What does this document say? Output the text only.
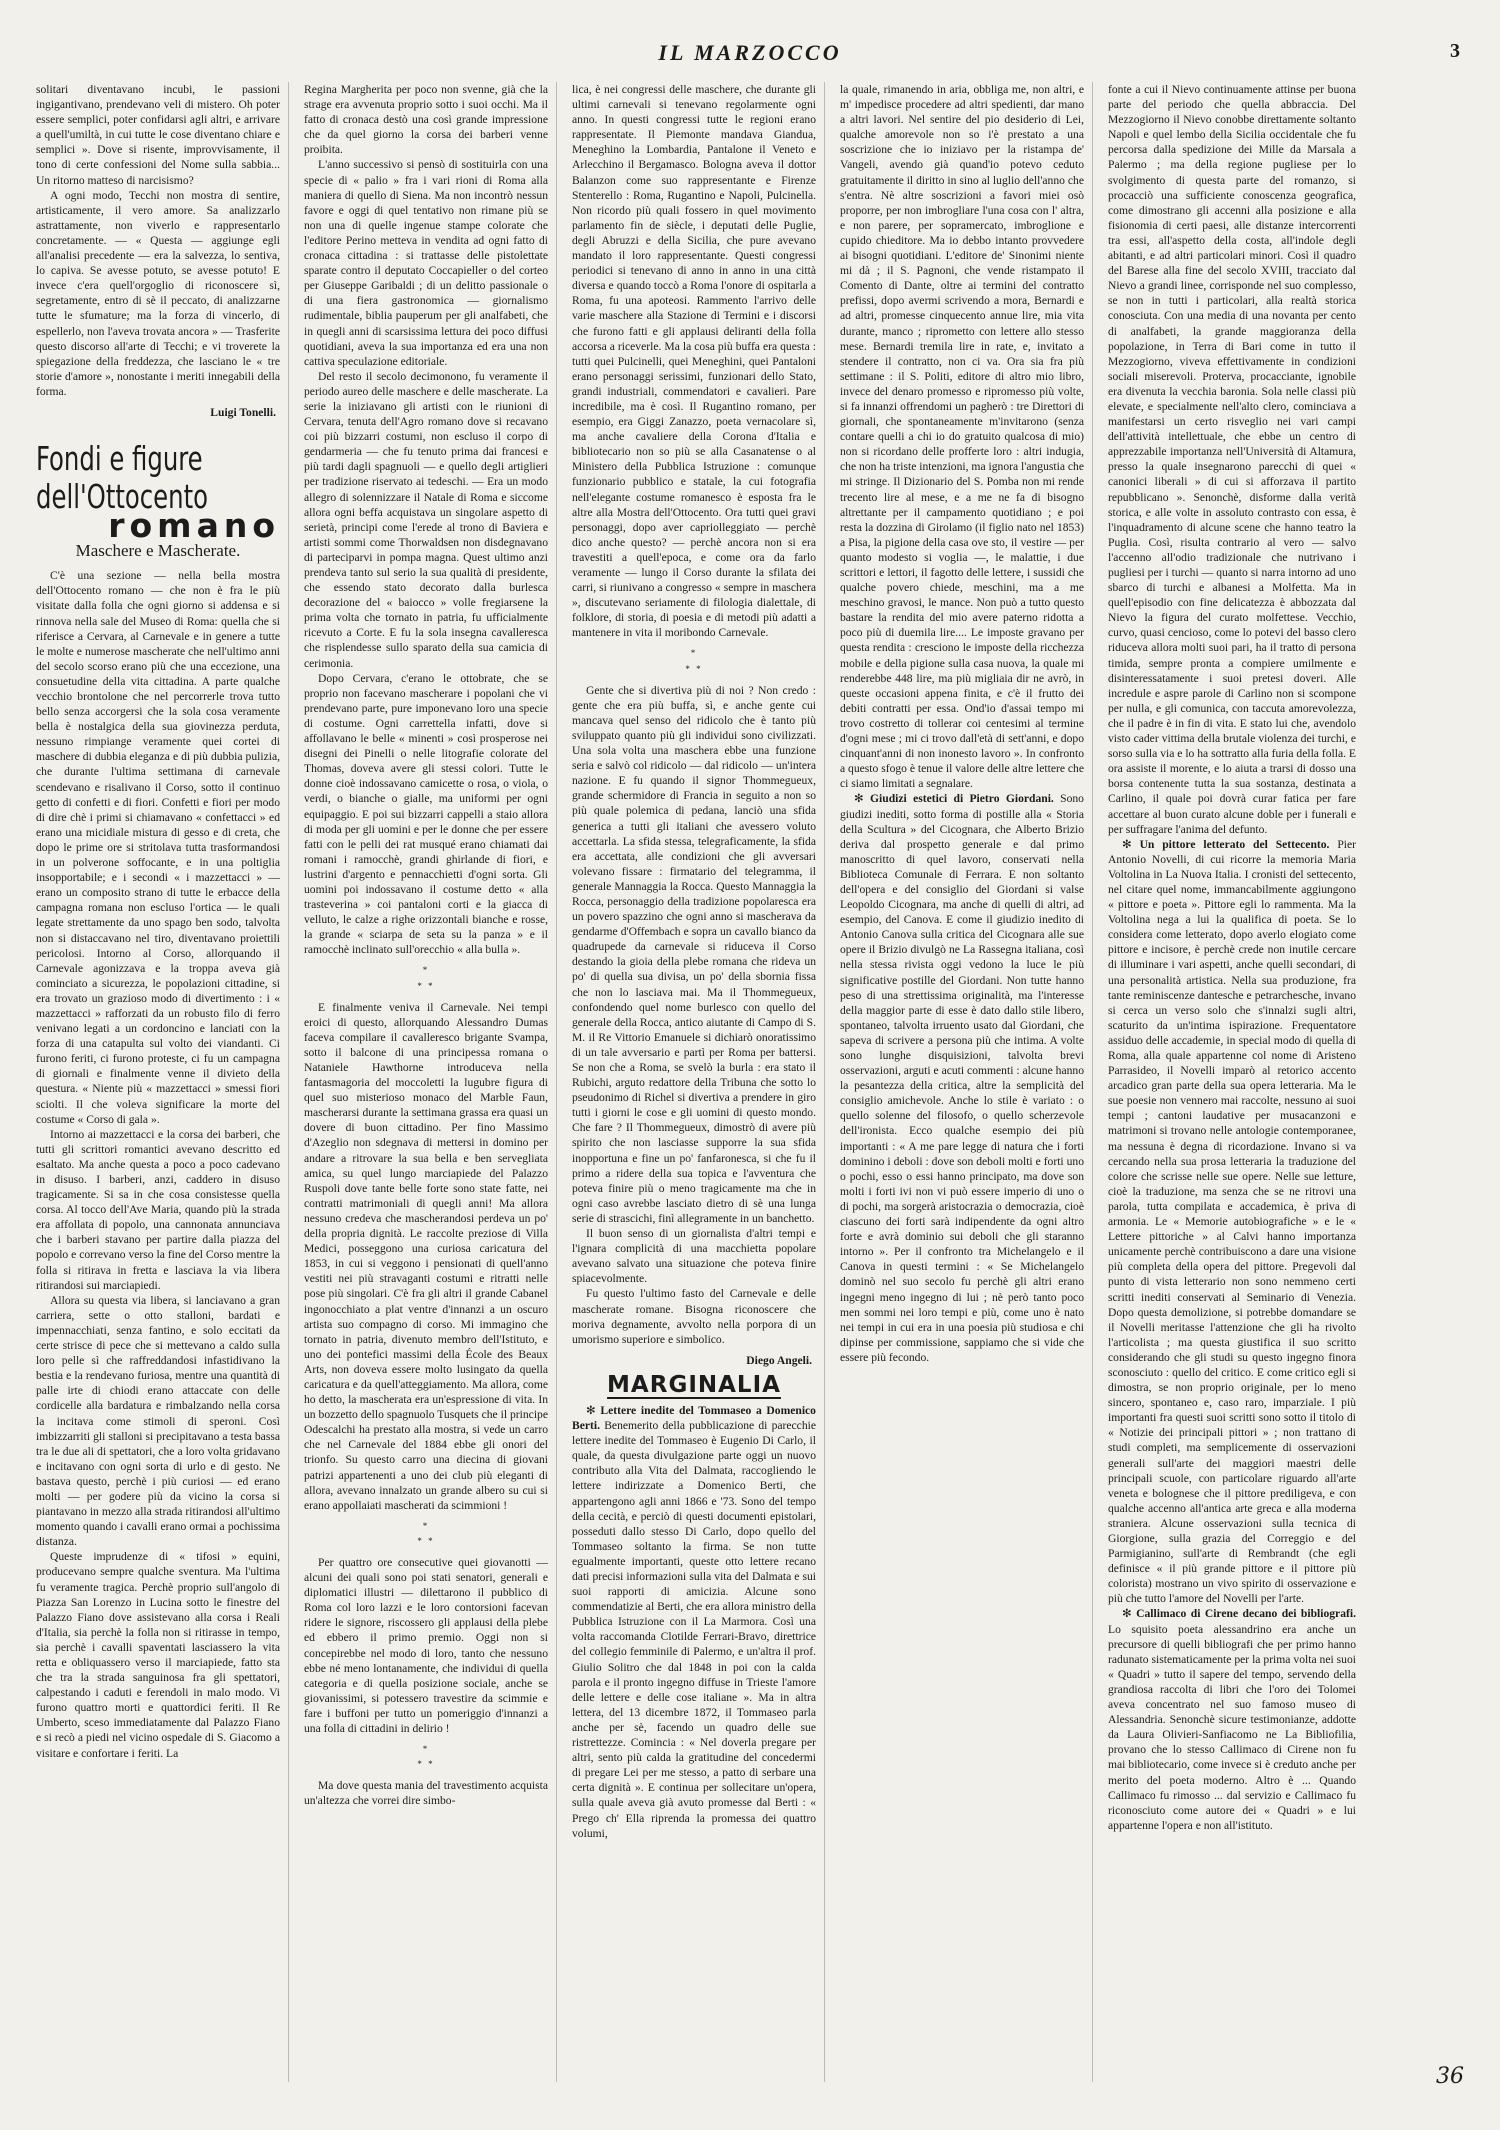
IL MARZOCCO	3

solitari diventavano incubi, le passioni ingigantivano, prendevano veli di mistero. Oh poter essere semplici, poter confidarsi agli altri, e arrivare a quell'umiltà, in cui tutte le cose diventano chiare e semplici ». Dove si risente, improvvisamente, il tono di certe confessioni del Nome sulla sabbia... Un ritorno matteso di narcisismo?

A ogni modo, Tecchi non mostra di sentire, artisticamente, il vero amore. Sa analizzarlo astrattamente, non viverlo e rappresentarlo concretamente. — « Questa — aggiunge egli all'analisi precedente — era la salvezza, lo sentiva, lo capiva. Se avesse potuto, se avesse potuto! E invece c'era quell'orgoglio di riconoscere sì, segretamente, entro di sè il peccato, di analizzarne tutte le sfumature; ma la forza di vincerlo, di espellerlo, non l'aveva trovata ancora » — Trasferite questo discorso all'arte di Tecchi; e vi troverete la spiegazione della freddezza, che lasciano le « tre storie d'amore », nonostante i meriti innegabili della forma.

Luigi Tonelli.
Fondi e figure
dell'Ottocento
romano
Maschere e Mascherate.

C'è una sezione — nella bella mostra dell'Ottocento romano — che non è fra le più visitate dalla folla che ogni giorno si addensa e si rinnova nella sale del Museo di Roma: quella che si riferisce a Cervara, al Carnevale e in genere a tutte le molte e numerose mascherate che nell'ultimo anni del secolo scorso erano più che una eccezione, una consuetudine della vita cittadina. A parte qualche vecchio brontolone che nel percorrerle trova tutto bello senza accorgersi che la sola cosa veramente bella è nostalgica della sua giovinezza perduta, nessuno rimpiange veramente quei cortei di maschere di dubbia eleganza e di più dubbia pulizia, che durante l'ultima settimana di carnevale scendevano e risalivano il Corso, sotto il continuo getto di confetti e di fiori. Confetti e fiori per modo di dire chè i primi si chiamavano « confettacci » ed erano una micidiale mistura di gesso e di creta, che dopo le prime ore si stritolava tutta trasformandosi in un polverone soffocante, e in una poltiglia insopportabile; e i secondi « i mazzettacci » — erano un composito strano di tutte le erbacce della campagna romana non escluso l'ortica — le quali legate strettamente da uno spago ben sodo, talvolta non si distaccavano nel tiro, diventavano proiettili pericolosi. Intorno al Corso, allorquando il Carnevale agonizzava e la troppa aveva già cominciato a sicurezza, le popolazioni cittadine, si era trovato un grazioso modo di divertimento : i « mazzettacci » rafforzati da un robusto filo di ferro venivano legati a un cordoncino e lanciati con la forza di una catapulta sul volto dei viandanti. Ci furono feriti, ci furono proteste, ci fu un campagna di giornali e finalmente venne il divieto della questura. « Niente più « mazzettacci » smessi fiori sciolti. Il che voleva significare la morte del costume « Corso di gala ».

Intorno ai mazzettacci e la corsa dei barberi, che tutti gli scrittori romantici avevano descritto ed esaltato. Ma anche questa a poco a poco cadevano in disuso. I barberi, anzi, caddero in disuso tragicamente. Si sa in che cosa consistesse quella corsa. Al tocco dell'Ave Maria, quando più la strada era affollata di popolo, una cannonata annunciava che i barberi stavano per partire dalla piazza del popolo e correvano verso la fine del Corso mentre la folla si ritirava in fretta e lasciava la via libera ritirandosi sui marciapiedi.

Allora su questa via libera, si lanciavano a gran carriera, sette o otto stalloni, bardati e impennacchiati, senza fantino, e solo eccitati da certe strisce di pece che si mettevano a caldo sulla loro pelle sì che raffreddandosi infastidivano la bestia e la rendevano furiosa, mentre una quantità di palle irte di chiodi erano attaccate con delle cordicelle alla bardatura e rimbalzando nella corsa la incitava come stimoli di speroni. Così imbizzarriti gli stalloni si precipitavano a testa bassa tra le due ali di spettatori, che a loro volta gridavano e incitavano con ogni sorta di urlo e di gesto. Ne bastava questo, perchè i più curiosi — ed erano molti — per godere più da vicino la corsa si piantavano in mezzo alla strada ritirandosi all'ultimo momento quando i cavalli erano ormai a pochissima distanza.

Queste imprudenze di « tifosi » equini, producevano sempre qualche sventura. Ma l'ultima fu veramente tragica. Perchè proprio sull'angolo di Piazza San Lorenzo in Lucina sotto le finestre del Palazzo Fiano dove assistevano alla corsa i Reali d'Italia, sia perchè la folla non si ritirasse in tempo, sia perchè i cavalli spaventati lasciassero la vita retta e obliquassero verso il marciapiede, fatto sta che tra la strada sanguinosa fra gli spettatori, calpestando i caduti e ferendoli in malo modo. Vi furono quattro morti e quattordici feriti. Il Re Umberto, sceso immediatamente dal Palazzo Fiano e si recò a piedi nel vicino ospedale di S. Giacomo a visitare e confortare i feriti. La

Regina Margherita per poco non svenne, già che la strage era avvenuta proprio sotto i suoi occhi. Ma il fatto di cronaca destò una così grande impressione che da quel giorno la corsa dei barberi venne proibita.

L'anno successivo si pensò di sostituirla con una specie di « palio » fra i vari rioni di Roma alla maniera di quello di Siena. Ma non incontrò nessun favore e oggi di quel tentativo non rimane più se non una di quelle ingenue stampe colorate che l'editore Perino metteva in vendita ad ogni fatto di cronaca cittadina : si trattasse delle pistolettate sparate contro il deputato Coccapieller o del corteo per Giuseppe Garibaldi ; di un delitto passionale o di una fiera gastronomica — giornalismo rudimentale, biblia pauperum per gli analfabeti, che in quegli anni di scarsissima lettura dei poco diffusi quotidiani, aveva la sua importanza ed era una non cattiva speculazione editoriale.

Del resto il secolo decimonono, fu veramente il periodo aureo delle maschere e delle mascherate. La serie la iniziavano gli artisti con le riunioni di Cervara, tenuta dell'Agro romano dove si recavano coi più bizzarri costumi, non escluso il corpo di gendarmeria — che fu tenuto prima dai francesi e più tardi dagli spagnuoli — e quello degli artiglieri per tradizione riservato ai tedeschi. — Era un modo allegro di solennizzare il Natale di Roma e siccome allora ogni beffa acquistava un singolare aspetto di serietà, principi come l'erede al trono di Baviera e artisti sommi come Thorwaldsen non disdegnavano di parteciparvi in pompa magna. Quest ultimo anzi prendeva tanto sul serio la sua qualità di presidente, che essendo stato decorato dalla burlesca decorazione del « baiocco » volle fregiarsene la prima volta che tornato in patria, fu ufficialmente ricevuto a Corte. E fu la sola insegna cavalleresca che risplendesse sullo sparato della sua camicia di cerimonia.

Dopo Cervara, c'erano le ottobrate, che se proprio non facevano mascherare i popolani che vi prendevano parte, pure imponevano loro una specie di costume. Ogni carrettella infatti, dove si affollavano le belle « minenti » così prosperose nei disegni dei Pinelli o nelle litografie colorate del Thomas, doveva avere gli stessi colori. Tutte le donne cioè indossavano camicette o rosa, o viola, o verdi, o bianche o gialle, ma uniformi per ogni equipaggio. E poi sui bizzarri cappelli a staio allora di moda per gli uomini e per le donne che per essere fatti con le pelli dei rat musqué erano chiamati dai romani i ramocchè, grandi ghirlande di fiori, e lustrini d'argento e pennacchietti d'ogni sorta. Gli uomini poi indossavano il costume detto « alla trasteverina » coi pantaloni corti e la giacca di velluto, le calze a righe orizzontali bianche e rosse, la grande « sciarpa de seta su la panza » e il ramocchè inclinato sull'orecchio « alla bulla ».

*
* *

E finalmente veniva il Carnevale. Nei tempi eroici di questo, allorquando Alessandro Dumas faceva compilare il cavalleresco brigante Svampa, sotto il balcone di una principessa romana o Nataniele Hawthorne introduceva nella fantasmagoria del moccoletti la lugubre figura di quel suo misterioso monaco del Marble Faun, mascherarsi durante la settimana grassa era quasi un dovere di buon cittadino. Per fino Massimo d'Azeglio non sdegnava di mettersi in domino per andare a ritrovare la sua bella e ben servegliata amica, su quel lungo marciapiede del Palazzo Ruspoli dove tante belle forte sono state fatte, nei contratti matrimoniali di quegli anni! Ma allora nessuno credeva che mascherandosi perdeva un po' della propria dignità. Le raccolte preziose di Villa Medici, posseggono una curiosa caricatura del 1853, in cui si veggono i pensionati di quell'anno vestiti nei più stravaganti costumi e ritratti nelle pose più singolari. C'è fra gli altri il grande Cabanel ingonocchiato a plat ventre d'innanzi a un oscuro artista suo compagno di corso. Mi immagino che tornato in patria, divenuto membro dell'Istituto, e uno dei pontefici massimi della École des Beaux Arts, non doveva essere molto lusingato da quella caricatura e da quell'atteggiamento. Ma allora, come ho detto, la mascherata era un'espressione di vita. In un bozzetto dello spagnuolo Tusquets che il principe Odescalchi ha prestato alla mostra, si vede un carro che nel Carnevale del 1884 ebbe gli onori del trionfo. Su questo carro una diecina di giovani patrizi appartenenti a uno dei club più eleganti di allora, avevano innalzato un grande albero su cui si erano appollaiati mascherati da scimmioni !

*
* *

Per quattro ore consecutive quei giovanotti — alcuni dei quali sono poi stati senatori, generali e diplomatici illustri — dilettarono il pubblico di Roma col loro lazzi e le loro contorsioni facevan ridere le signore, riscossero gli applausi della plebe ed ebbero il primo premio. Oggi non si concepirebbe nel modo di loro, tanto che nessuno ebbe né meno lontanamente, che individui di quella categoria e di quella posizione sociale, anche se giovanissimi, si potessero travestire da scimmie e fare i buffoni per tutto un pomeriggio d'innanzi a una folla di cittadini in delirio !

*
* *

Ma dove questa mania del travestimento acquista un'altezza che vorrei dire simbo-

lica, è nei congressi delle maschere, che durante gli ultimi carnevali si tenevano regolarmente ogni anno. In questi congressi tutte le regioni erano rappresentate. Il Piemonte mandava Giandua, Meneghino la Lombardia, Pantalone il Veneto e Arlecchino il Bergamasco. Bologna aveva il dottor Balanzon come suo rappresentante e Firenze Stenterello : Roma, Rugantino e Napoli, Pulcinella. Non ricordo più quali fossero in quel movimento parlamento fin de siècle, i deputati delle Puglie, degli Abruzzi e della Sicilia, che pure avevano mandato il loro rappresentante. Questi congressi periodici si tenevano di anno in anno in una città diversa e quando toccò a Roma l'onore di ospitarla a Roma, fu una apoteosi. Rammento l'arrivo delle varie maschere alla Stazione di Termini e i discorsi che furono fatti e gli applausi deliranti della folla accorsa a riceverle. Ma la cosa più buffa era questa : tutti quei Pulcinelli, quei Meneghini, quei Pantaloni erano personaggi serissimi, funzionari dello Stato, grandi industriali, commendatori e cavalieri. Pare incredibile, ma è così. Il Rugantino romano, per esempio, era Giggi Zanazzo, poeta vernacolare sì, ma anche cavaliere della Corona d'Italia e bibliotecario non so più se alla Casanatense o al Ministero della Pubblica Istruzione : comunque funzionario pubblico e statale, la cui fotografia nell'elegante costume romanesco è esposta fra le altre alla Mostra dell'Ottocento. Ora tutti quei gravi personaggi, dopo aver capriolleggiato — perchè dico anche questo? — perchè ancora non si era travestiti a quell'epoca, e come ora da farlo veramente — lungo il Corso durante la sfilata dei carri, si riunivano a congresso « sempre in maschera », discutevano seriamente di filologia dialettale, di folklore, di storia, di poesia e di metodi più adatti a mantenere in vita il moribondo Carnevale.

*
* *

Gente che si divertiva più di noi ? Non credo : gente che era più buffa, sì, e anche gente cui mancava quel senso del ridicolo che è tanto più sviluppato quanto più gli individui sono civilizzati. Una sola volta una maschera ebbe una funzione seria e salvò col ridicolo — dal ridicolo — un'intera nazione. E fu quando il signor Thommegueux, grande schermidore di Francia in seguito a non so più quale polemica di pedana, lanciò una sfida generica a tutti gli italiani che avessero voluto accettarla. La sfida stessa, telegraficamente, la sfida era accettata, alle condizioni che gli avversari volevano fissare : firmatario del telegramma, il generale Mannaggia la Rocca. Questo Mannaggia la Rocca, personaggio della tradizione popolaresca era un povero spazzino che ogni anno si mascherava da gendarme d'Offembach e sopra un cavallo bianco da quadrupede da carnevale si riduceva il Corso destando la gioia della plebe romana che rideva un po' di quella sua divisa, un po' della sbornia fissa che non lo lasciava mai. Ma il Thommegueux, confondendo quel nome burlesco con quello del generale della Rocca, antico aiutante di Campo di S. M. il Re Vittorio Emanuele si dichiarò onoratissimo di un tale avversario e partì per Roma per battersi. Se non che a Roma, se svelò la burla : era stato il Rubichi, arguto redattore della Tribuna che sotto lo pseudonimo di Richel si divertiva a prendere in giro tutti i giorni le cose e gli uomini di questo mondo. Che fare ? Il Thommegueux, dimostrò di avere più spirito che non lasciasse supporre la sua sfida inopportuna e fine un po' fanfaronesca, si che fu il primo a ridere della sua topica e l'avventura che poteva finire più o meno tragicamente ma che in ogni caso avrebbe lasciato dietro di sè una lunga serie di strascichi, finì allegramente in un banchetto.

Il buon senso di un giornalista d'altri tempi e l'ignara complicità di una macchietta popolare avevano salvato una situazione che poteva finire spiacevolmente.

Fu questo l'ultimo fasto del Carnevale e delle mascherate romane. Bisogna riconoscere che moriva degnamente, avvolto nella porpora di un umorismo superiore e simbolico.

Diego Angeli.
MARGINALIA

✻ Lettere inedite del Tommaseo a Domenico Berti. Benemerito della pubblicazione di parecchie lettere inedite del Tommaseo è Eugenio Di Carlo, il quale, da questa divulgazione parte oggi un nuovo contributo alla Vita del Dalmata, raccogliendo le lettere indirizzate a Domenico Berti, che appartengono agli anni 1866 e '73. Sono del tempo della cecità, e perciò di questi documenti epistolari, posseduti dallo stesso Di Carlo, dopo quello del Tommaseo soltanto la firma. Se non tutte egualmente importanti, queste otto lettere recano dati precisi informazioni sulla vita del Dalmata e sui suoi rapporti di amicizia. Alcune sono commendatizie al Berti, che era allora ministro della Pubblica Istruzione con il La Marmora. Così una volta raccomanda Clotilde Ferrari-Bravo, direttrice del collegio femminile di Palermo, e un'altra il prof. Giulio Solitro che dal 1848 in poi con la calda parola e il pronto ingegno diffuse in Trieste l'amore delle lettere e delle cose italiane ». Ma in altra lettera, del 13 dicembre 1872, il Tommaseo parla anche per sè, facendo un quadro delle sue ristrettezze. Comincia : « Nel doverla pregare per altri, sento più calda la gratitudine del concedermi di pregare Lei per me stesso, a patto di serbare una certa dignità ». E continua per sollecitare un'opera, sulla quale aveva già avuto promesse dal Berti : « Prego ch' Ella riprenda la promessa dei quattro volumi,

la quale, rimanendo in aria, obbliga me, non altri, e m' impedisce procedere ad altri spedienti, dar mano a altri lavori. Nel sentire del pio desiderio di Lei, qualche amorevole non so i'è prestato a una soscrizione che io iniziavo per la ristampa de' Vangeli, avendo già quand'io potevo ceduto gratuitamente il diritto in sino al luglio dell'anno che s'entra. Nè altre soscrizioni a favori miei osò proporre, per non imbrogliare l'una cosa con l' altra, e non parere, per sopramercato, imbroglione e cupido chieditore. Ma io debbo intanto provvedere ai bisogni quotidiani. L'editore de' Sinonimi niente mi dà ; il S. Pagnoni, che vende ristampato il Comento di Dante, oltre ai termini del contratto prefissi, dopo avermi scrivendo a mora, Bernardi e ad altri, promesse cinquecento annue lire, mia vita durante, manco ; riprometto con lettere allo stesso mese. Bernardi tremila lire in rate, e, invitato a stendere il contratto, non ci va. Ora sia fra più settimane : il S. Politi, editore di altro mio libro, invece del denaro promesso e ripromesso più volte, si fa innanzi offrendomi un pagherò : tre Direttori di giornali, che spontaneamente m'invitarono (senza contare quelli a chi io do gratuito qualcosa di mio) non si ricordano delle profferte loro : altri indugia, che non ha triste intenzioni, ma ignora l'angustia che mi stringe. Il Dizionario del S. Pomba non mi rende trecento lire al mese, e a me ne fa di bisogno altrettante per il campamento quotidiano ; e poi resta la dozzina di Girolamo (il figlio nato nel 1853) a Pisa, la pigione della casa ove sto, il vestire — per quanto modesto si voglia —, le malattie, i due scrittori e lettori, il fagotto delle lettere, i sussidi che qualche povero chiede, meschini, ma a me meschino gravosi, le mance. Non può a tutto questo bastare la rendita del mio avere paterno ridotta a poco più di duemila lire.... Le imposte gravano per questa rendita : cresciono le imposte della ricchezza mobile e della pigione sulla casa nuova, la quale mi renderebbe 448 lire, ma più migliaia dir ne avrò, in queste occasioni appena finita, e c'è il frutto dei debiti contratti per essa. Ond'io d'assai tempo mi trovo costretto di tollerar coi centesimi al termine d'ogni mese ; mi ci trovo dall'età di sett'anni, e dopo cinquant'anni di non inonesto lavoro ». In confronto a questo sfogo è tenue il valore delle altre lettere che ci siamo limitati a segnalare.

✻ Giudizi estetici di Pietro Giordani. Sono giudizi inediti, sotto forma di postille alla « Storia della Scultura » del Cicognara, che Alberto Brizio deriva dal prospetto generale e dal primo manoscritto di quel lavoro, conservati nella Biblioteca Comunale di Ferrara. E non soltanto dell'opera e del consiglio del Giordani si valse Leopoldo Cicognara, ma anche di quelli di altri, ad esempio, del Canova. E come il giudizio inedito di Antonio Canova sulla critica del Cicognara alle sue opere il Brizio divulgò ne La Rassegna italiana, così nella stessa rivista oggi vedono la luce le più significative postille del Giordani. Non tutte hanno peso di una strettissima originalità, ma l'interesse della maggior parte di esse è dato dallo stile libero, spontaneo, talvolta irruento usato dal Giordani, che sapeva di scrivere a persona più che intima. A volte sono lunghe disquisizioni, talvolta brevi osservazioni, arguti e acuti commenti : alcune hanno la pesantezza della critica, altre la semplicità del consiglio amichevole. Anche lo stile è variato : o quello solenne del filosofo, o quello scherzevole dell'ironista. Ecco qualche esempio dei più importanti : « A me pare legge di natura che i forti dominino i deboli : dove son deboli molti e forti uno o pochi, esso o essi hanno principato, ma dove son molti i forti ivi non vi può essere imperio di uno o di pochi, ma sorgerà aristocrazia o democrazia, cioè ciascuno dei forti sarà indipendente da ogni altro forte e avrà dominio sui deboli che gli staranno intorno ». Per il confronto tra Michelangelo e il Canova in questi termini : « Se Michelangelo dominò nel suo secolo fu perchè gli altri erano ingegni meno ingegno di lui ; nè però tanto poco men sommi nei loro tempi e più, come uno è nato nei tempi in cui era in una poesia più studiosa e chi dipinse per commissione, sappiamo che si vide che essere più fecondo.

fonte a cui il Nievo continuamente attinse per buona parte del periodo che quella abbraccia. Del Mezzogiorno il Nievo conobbe direttamente soltanto Napoli e quel lembo della Sicilia occidentale che fu percorsa dalla spedizione dei Mille da Marsala a Palermo ; ma della regione pugliese per lo svolgimento di questa parte del romanzo, si procacciò una sufficiente conoscenza geografica, come dimostrano gli accenni alla posizione e alla fisionomia di certi paesi, alle distanze intercorrenti tra essi, all'aspetto della costa, all'indole degli abitanti, e ad altri particolari minori. Così il quadro del Barese alla fine del secolo XVIII, tracciato dal Nievo a grandi linee, corrisponde nel suo complesso, se non in tutti i particolari, alla realtà storica conosciuta. Con una media di una novanta per cento di analfabeti, la grande maggioranza della popolazione, in Terra di Bari come in tutto il Mezzogiorno, viveva effettivamente in condizioni sociali miserevoli. Proterva, procacciante, ignobile era divenuta la vecchia baronia. Sola nelle classi più elevate, e specialmente nell'alto clero, cominciava a manifestarsi un certo risveglio nei vari campi dell'attività intellettuale, che ebbe un centro di apprezzabile importanza nell'Università di Altamura, presso la quale insegnarono parecchi di quei « canonici liberali » di cui si afforzava il partito repubblicano ». Senonchè, disforme dalla verità storica, e alle volte in assoluto contrasto con essa, è l'inquadramento di alcune scene che hanno teatro la Puglia. Così, risulta contrario al vero — salvo l'accenno all'odio tradizionale che nutrivano i pugliesi per i turchi — quanto si narra intorno ad uno sbarco di turchi e albanesi a Molfetta. Ma in quell'episodio con fine delicatezza è abbozzata dal Nievo la figura del curato molfettese. Vecchio, curvo, quasi cencioso, come lo potevi del basso clero riduceva allora molti suoi pari, ha il tratto di persona timida, sempre pronta a compiere umilmente e disinteressatamente i suoi pretesi doveri. Alle incredule e aspre parole di Carlino non si scompone per nulla, e gli comunica, con taccuta amorevolezza, che il padre è in fin di vita. E stato lui che, avendolo visto cader vittima della brutale violenza dei turchi, e sorso sulla via e lo ha sottratto alla furia della folla. E ora assiste il morente, e lo aiuta a trarsi di dosso una borsa contenente tutta la sua sostanza, destinata a Carlino, il quale poi dovrà curar fatica per fare accettare al buon curato alcune doble per i funerali e per suffragare l'anima del defunto.

✻ Un pittore letterato del Settecento. Pier Antonio Novelli, di cui ricorre la memoria Maria Voltolina in La Nuova Italia. I cronisti del settecento, nel citare quel nome, immancabilmente aggiungono « pittore e poeta ». Pittore egli lo rammenta. Ma la Voltolina nega a lui la qualifica di poeta. Se lo considera come letterato, dopo averlo elogiato come pittore e incisore, è perchè crede non inutile cercare di illuminare i vari aspetti, anche quelli secondari, di una personalità artistica. Nella sua produzione, fra tante reminiscenze dantesche e petrarchesche, invano si cerca un verso solo che s'innalzi sugli altri, scaturito da un'intima ispirazione. Frequentatore assiduo delle accademie, in special modo di quella di Roma, alla quale appartenne col nome di Aristeno Parrasideo, il Novelli imparò al retorico accento arcadico gran parte della sua opera letteraria. Ma le sue poesie non vennero mai raccolte, nessuno ai suoi tempi ; cantoni laudative per musacanzoni e matrimoni si trovano nelle antologie contemporanee, ma nessuna è degna di ricordazione. Invano si va cercando nella sua prosa letteraria la traduzione del colore che scrisse nelle sue opere. Nelle sue letture, cioè la traduzione, ma senza che se ne ritrovi una parola, tutta compilata e accademica, è priva di armonia. Le « Memorie autobiografiche » e le « Lettere pittoriche » al Calvi hanno importanza unicamente perchè contribuiscono a dare una visione più completa della opera del pittore. Pregevoli dal punto di vista letterario non sono nemmeno certi scritti inediti conservati al Seminario di Venezia. Dopo questa demolizione, si potrebbe domandare se il Novelli meritasse l'attenzione che gli ha rivolto l'articolista ; ma questa giustifica il suo scritto considerando che gli studi su questo ingegno finora sconosciuto : quello del critico. E come critico egli si dimostra, se non proprio originale, per lo meno sincero, spontaneo e, caso raro, imparziale. I più importanti fra questi suoi scritti sono sotto il titolo di « Notizie dei principali pittori » ; non trattano di studi completi, ma semplicemente di osservazioni generali sull'arte dei maggiori maestri delle principali scuole, con particolare riguardo all'arte veneta e bolognese che il pittore prediligeva, e con qualche accenno all'antica arte greca e alla moderna straniera. Alcune osservazioni sulla tecnica di Giorgione, sulla grazia del Correggio e del Parmigianino, sull'arte di Rembrandt (che egli definisce « il più grande pittore e il pittore più colorista) mostrano un vivo spirito di osservazione e più che tutto l'amore del Novelli per l'arte.

✻ Callimaco di Cirene decano dei bibliografi. Lo squisito poeta alessandrino era anche un precursore di quelli bibliografi che per primo hanno radunato sistematicamente per la prima volta nei suoi « Quadri » tutto il sapere del tempo, servendo della grandiosa raccolta di libri che l'oro dei Tolomei aveva concentrato nel suo famoso museo di Alessandria. Senonchè sicure testimonianze, addotte da Laura Olivieri-Sanfiacomo ne La Bibliofilia, provano che lo stesso Callimaco di Cirene non fu mai bibliotecario, come invece si è creduto anche per merito del poeta moderno. Altro è ... Quando Callimaco fu rimosso ... dal servizio e Callimaco fu riconosciuto come autore dei « Quadri » e lui appartenne l'opera e non all'istituto.

36
